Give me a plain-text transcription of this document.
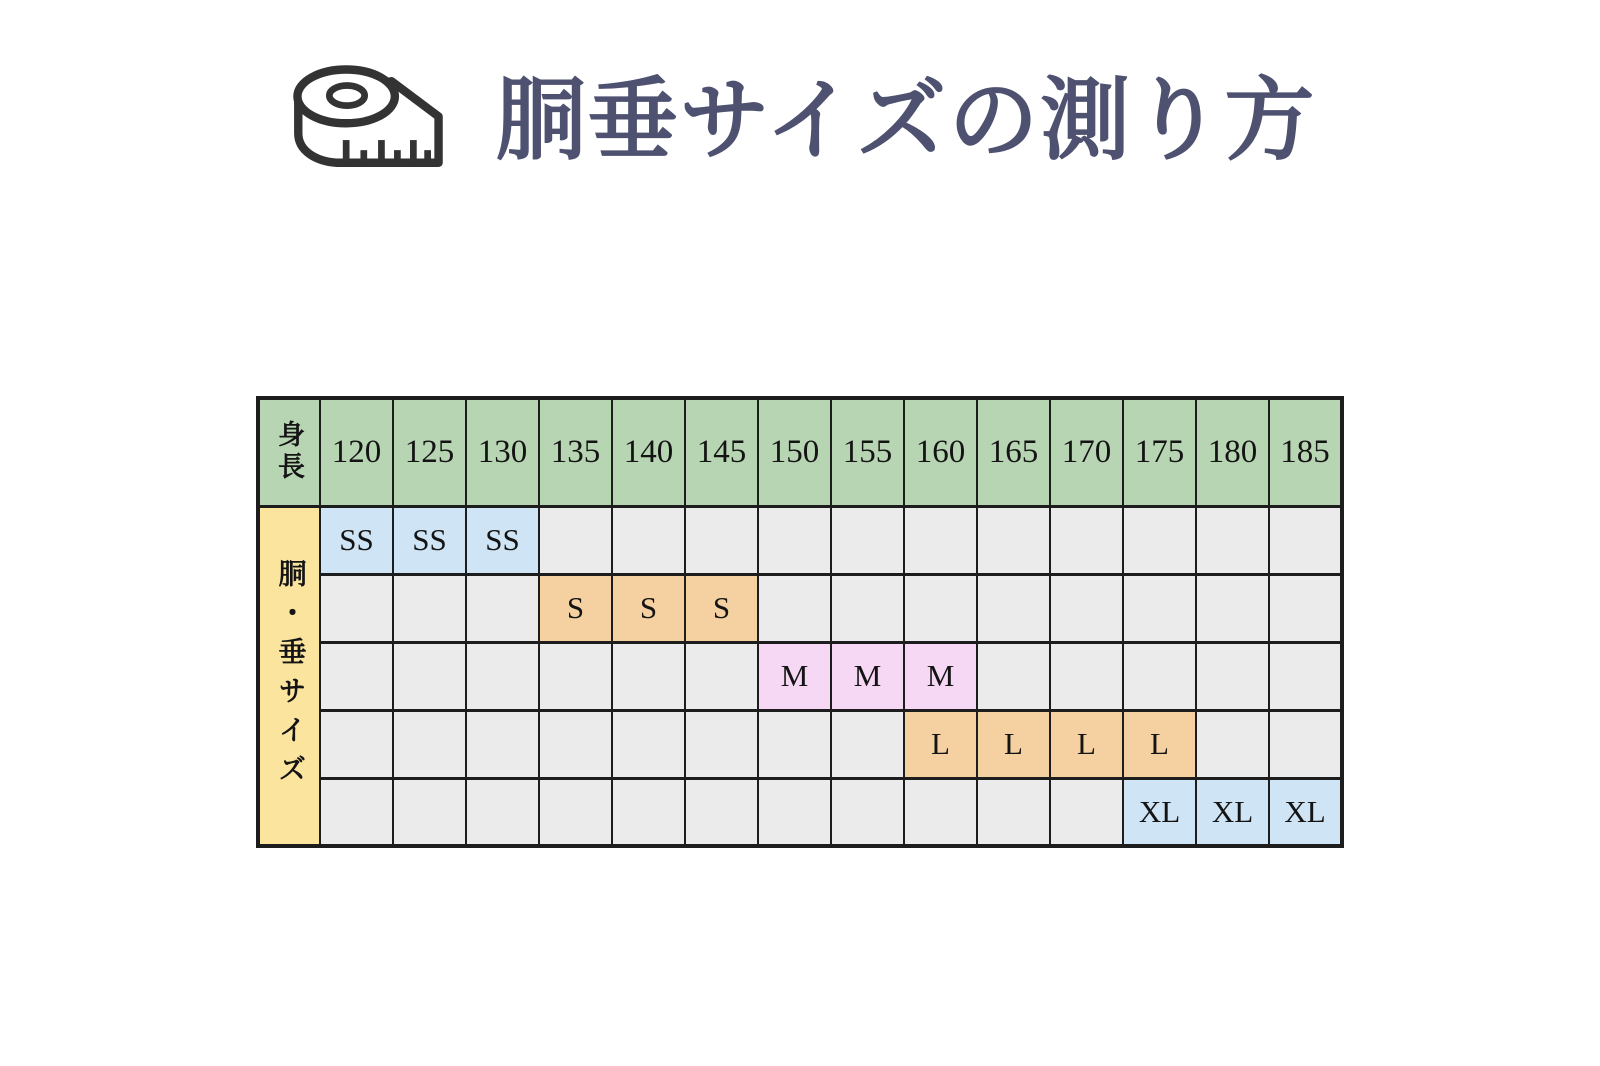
胴垂サイズの測り方
身長	120	125	130	135	140	145	150	155	160	165	170	175	180	185
胴・垂サイズ	SS	SS	SS											
				S	S	S								
							M	M	M					
									L	L	L	L		
												XL	XL	XL
